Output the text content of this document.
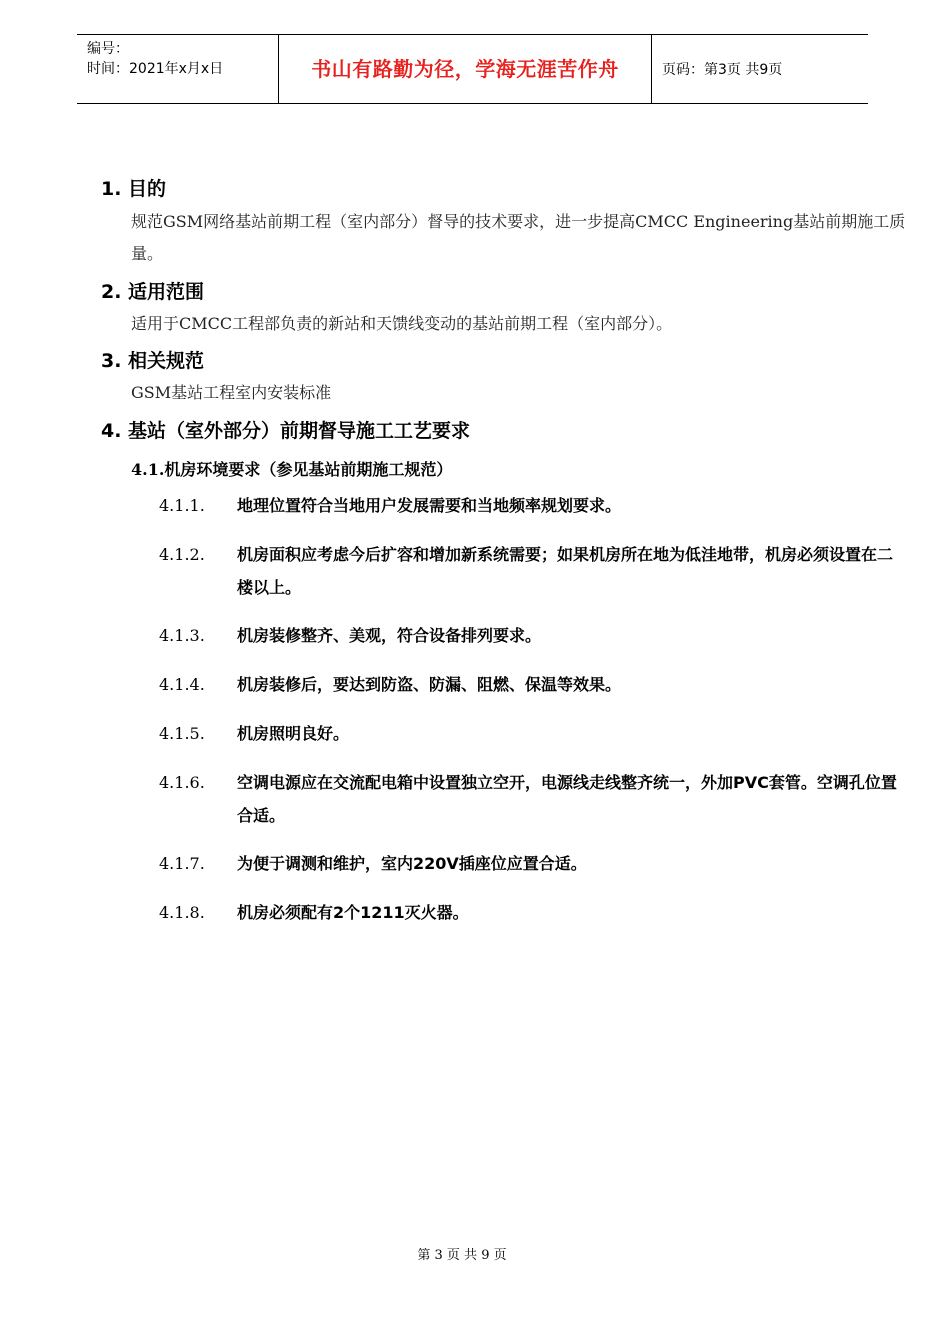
编号：
时间：2021年x月x日	书山有路勤为径，学海无涯苦作舟	页码：第3页 共9页
1. 目的
规范GSM网络基站前期工程（室内部分）督导的技术要求，进一步提高CMCC Engineering基站前期施工质量。
2. 适用范围
适用于CMCC工程部负责的新站和天馈线变动的基站前期工程（室内部分）。
3. 相关规范
GSM基站工程室内安装标准
4. 基站（室外部分）前期督导施工工艺要求
4.1.机房环境要求（参见基站前期施工规范）
4.1.1. 地理位置符合当地用户发展需要和当地频率规划要求。
4.1.2. 机房面积应考虑今后扩容和增加新系统需要；如果机房所在地为低洼地带，机房必须设置在二楼以上。
4.1.3. 机房装修整齐、美观，符合设备排列要求。
4.1.4. 机房装修后，要达到防盗、防漏、阻燃、保温等效果。
4.1.5. 机房照明良好。
4.1.6. 空调电源应在交流配电箱中设置独立空开，电源线走线整齐统一，外加PVC套管。空调孔位置合适。
4.1.7. 为便于调测和维护，室内220V插座位应置合适。
4.1.8. 机房必须配有2个1211灭火器。
第 3 页 共 9 页
